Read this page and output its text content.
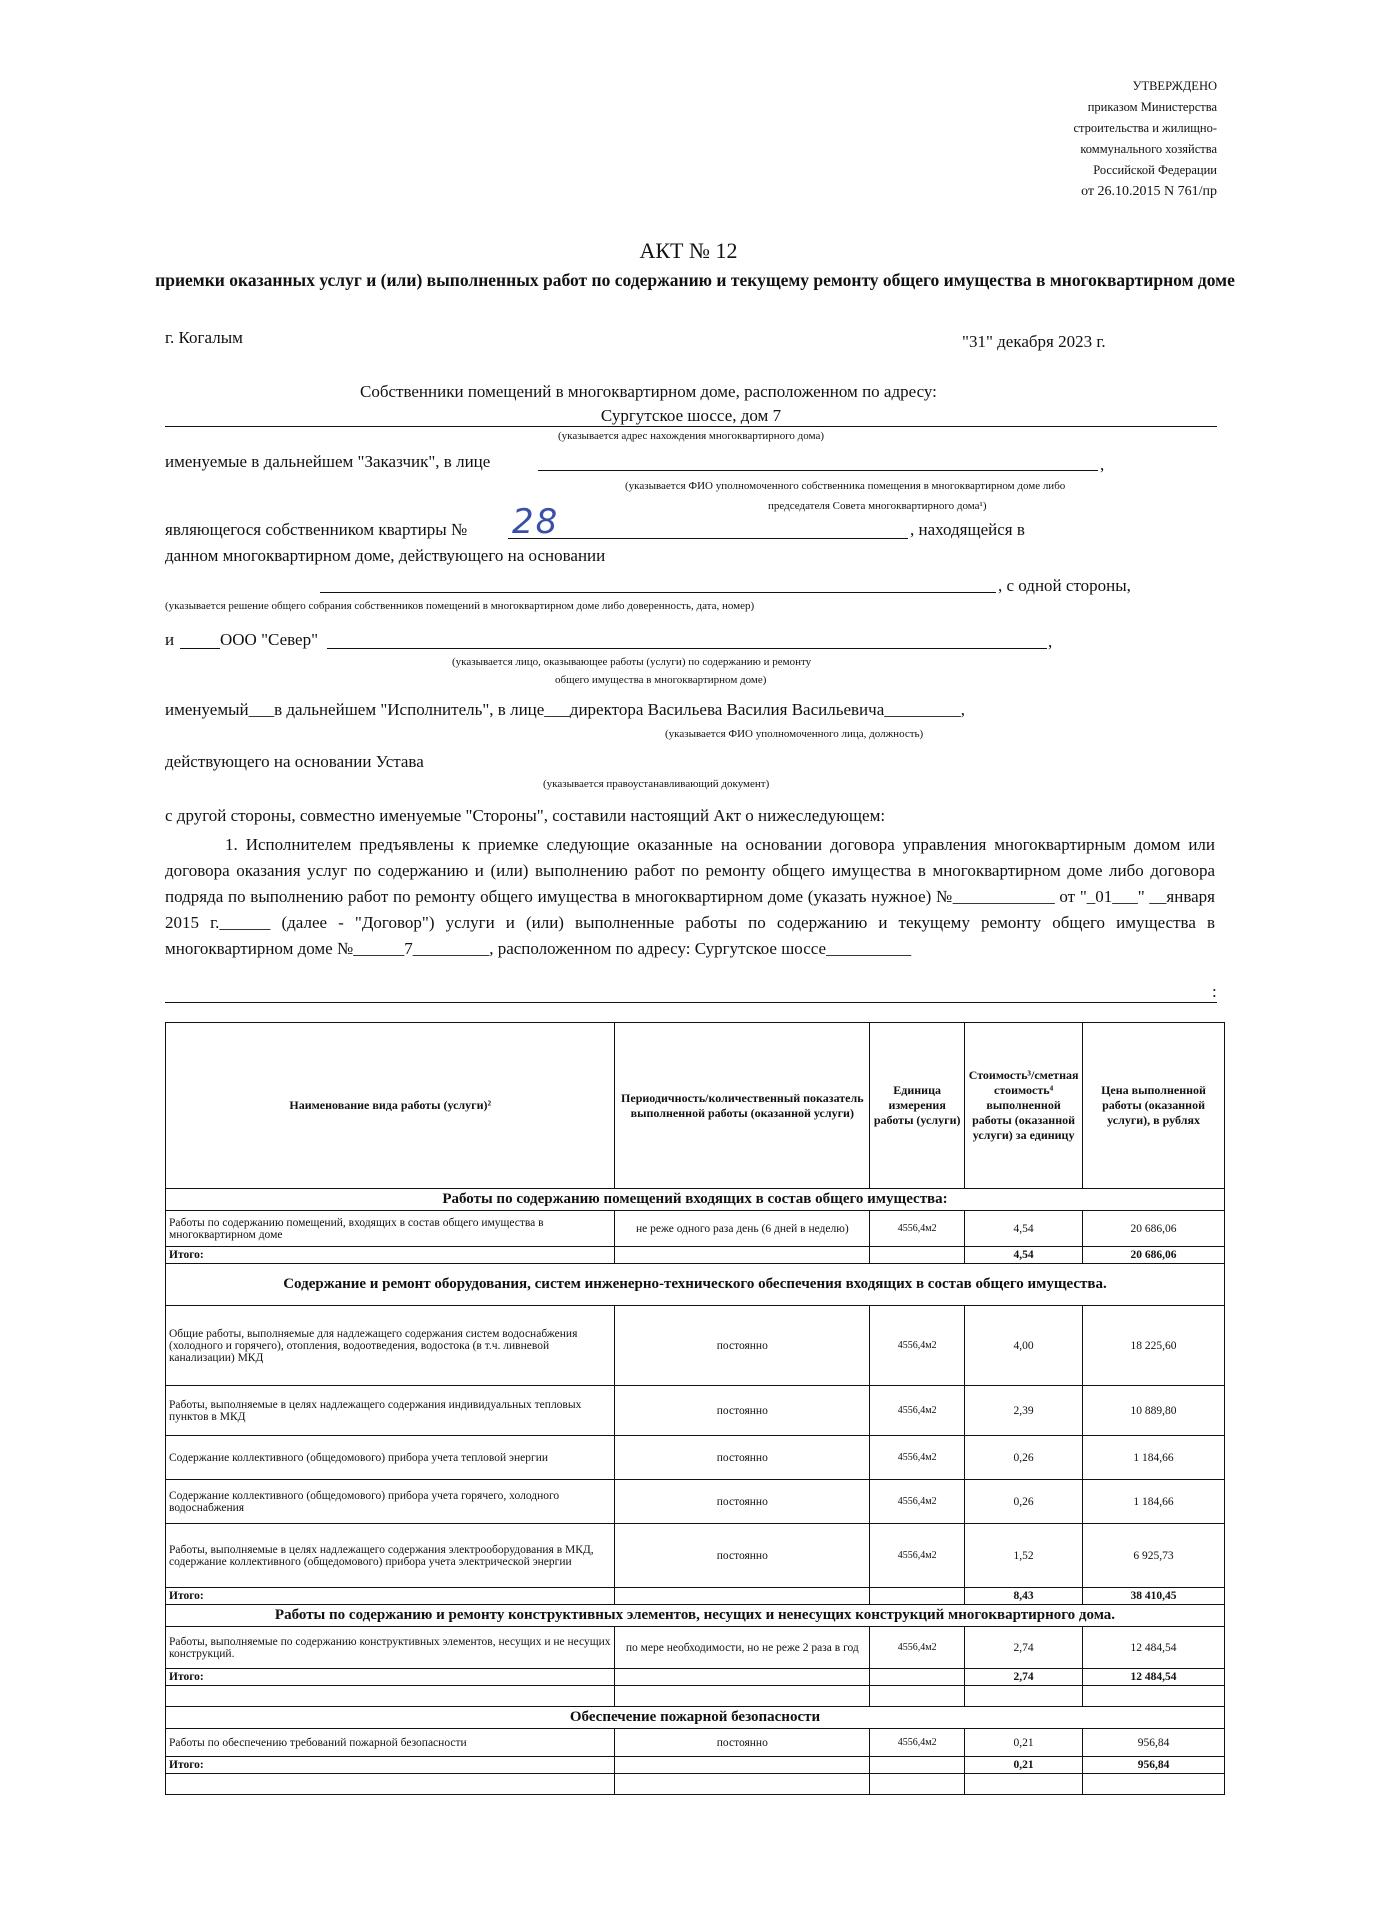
УТВЕРЖДЕНО
приказом Министерства
строительства и жилищно-
коммунального хозяйства
Российской Федерации
от 26.10.2015 N 761/пр
АКТ № 12
приемки оказанных услуг и (или) выполненных работ по содержанию и текущему ремонту общего имущества в многоквартирном доме
г. Когалым	"31" декабря 2023 г.
Собственники помещений в многоквартирном доме, расположенном по адресу:
Сургутское шоссе, дом 7
(указывается адрес нахождения многоквартирного дома)
именуемые в дальнейшем "Заказчик", в лице	,
(указывается ФИО уполномоченного собственника помещения в многоквартирном доме либо
председателя Совета многоквартирного дома¹)
являющегося собственником квартиры № 28	, находящейся в
данном многоквартирном доме, действующего на основании
, с одной стороны,
(указывается решение общего собрания собственников помещений в многоквартирном доме либо доверенность, дата, номер)
и	ООО "Север"	,
(указывается лицо, оказывающее работы (услуги) по содержанию и ремонту
общего имущества в многоквартирном доме)
именуемый___в дальнейшем "Исполнитель", в лице___директора Васильева Василия Васильевича_________,
(указывается ФИО уполномоченного лица, должность)
действующего на основании Устава
(указывается правоустанавливающий документ)
с другой стороны, совместно именуемые "Стороны", составили настоящий Акт о нижеследующем:
1. Исполнителем предъявлены к приемке следующие оказанные на основании договора управления многоквартирным домом или договора оказания услуг по содержанию и (или) выполнению работ по ремонту общего имущества в многоквартирном доме либо договора подряда по выполнению работ по ремонту общего имущества в многоквартирном доме (указать нужное) №____________ от "_01___" __января 2015 г.______ (далее - "Договор") услуги и (или) выполненные работы по содержанию и текущему ремонту общего имущества в многоквартирном доме №______7_________, расположенном по адресу: Сургутское шоссе__________
:
Наименование вида работы (услуги)²	Периодичность/количественный показатель выполненной работы (оказанной услуги)	Единица измерения работы (услуги)	Стоимость³/сметная стоимость⁴ выполненной работы (оказанной услуги) за единицу	Цена выполненной работы (оказанной услуги), в рублях
Работы по содержанию помещений входящих в состав общего имущества:				
Работы по содержанию помещений, входящих в состав общего имущества в многоквартирном доме	не реже одного раза день (6 дней в неделю)	4556,4м2	4,54	20 686,06
Итого:			4,54	20 686,06
Содержание и ремонт оборудования, систем инженерно-технического обеспечения входящих в состав общего имущества.				
Общие работы, выполняемые для надлежащего содержания систем водоснабжения (холодного и горячего), отопления, водоотведения, водостока (в т.ч. ливневой канализации) МКД	постоянно	4556,4м2	4,00	18 225,60
Работы, выполняемые в целях надлежащего содержания индивидуальных тепловых пунктов в МКД	постоянно	4556,4м2	2,39	10 889,80
Содержание коллективного (общедомового) прибора учета тепловой энергии	постоянно	4556,4м2	0,26	1 184,66
Содержание коллективного (общедомового) прибора учета горячего, холодного водоснабжения	постоянно	4556,4м2	0,26	1 184,66
Работы, выполняемые в целях надлежащего содержания электрооборудования в МКД, содержание коллективного (общедомового) прибора учета электрической энергии	постоянно	4556,4м2	1,52	6 925,73
Итого:			8,43	38 410,45
Работы по содержанию и ремонту конструктивных элементов, несущих и ненесущих конструкций многоквартирного дома.				
Работы, выполняемые по содержанию конструктивных элементов, несущих и не несущих конструкций.	по мере необходимости, но не реже 2 раза в год	4556,4м2	2,74	12 484,54
Итого:			2,74	12 484,54

Обеспечение пожарной безопасности				
Работы по обеспечению требований пожарной безопасности	постоянно	4556,4м2	0,21	956,84
Итого:			0,21	956,84
